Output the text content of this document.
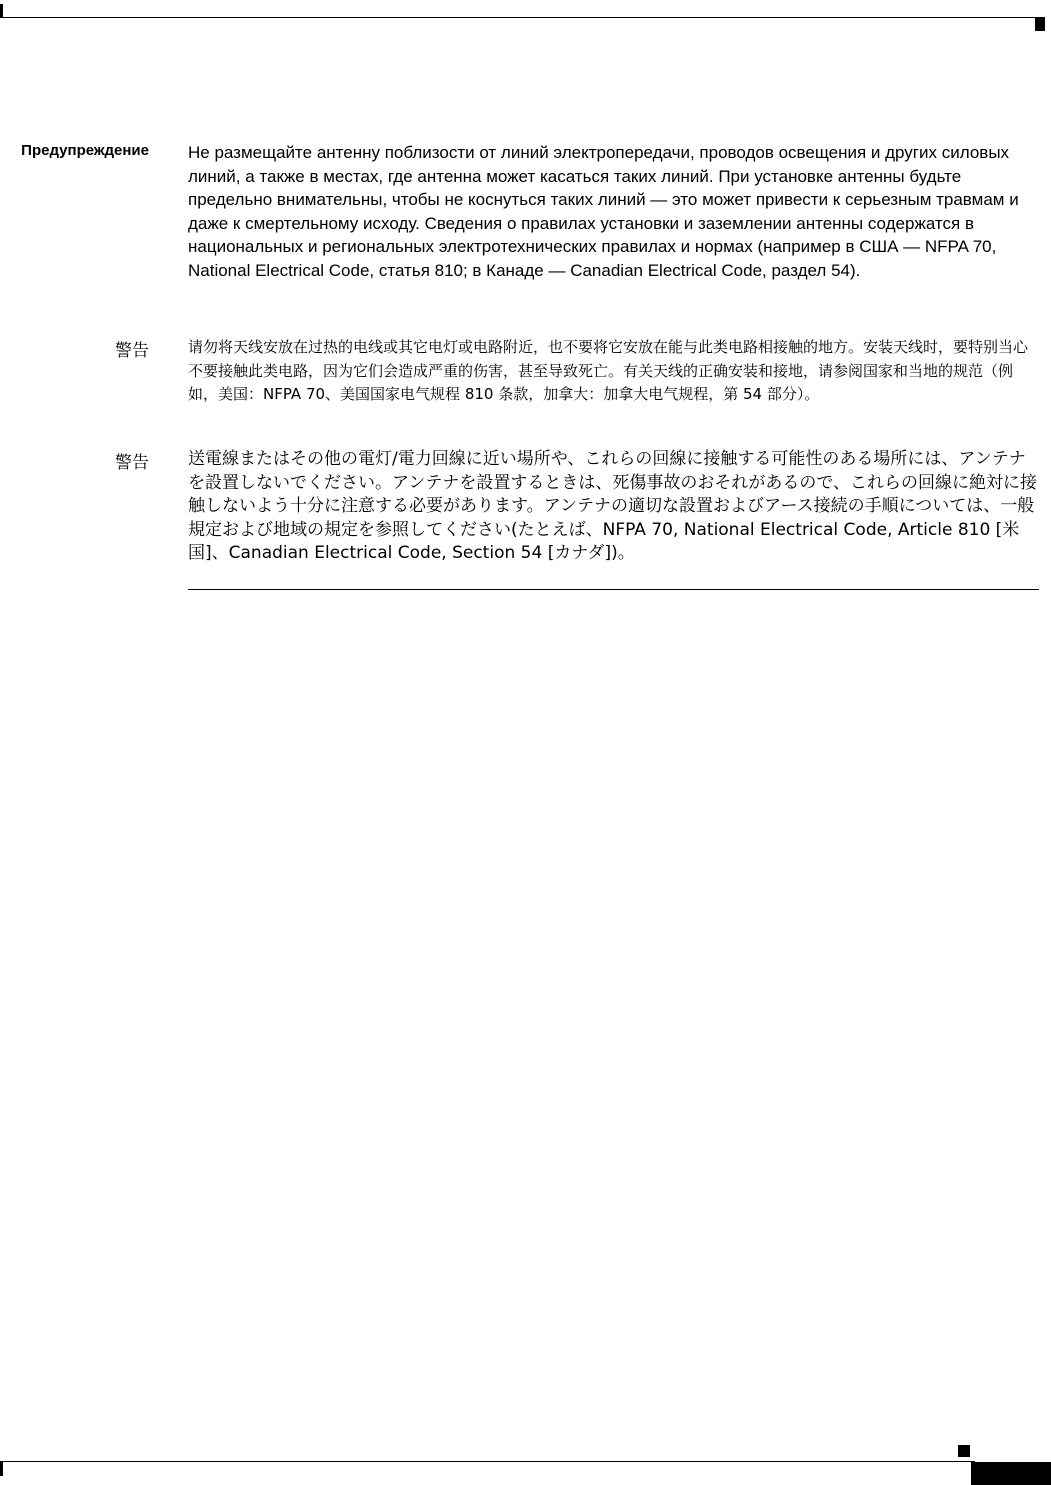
Предупреждение Не размещайте антенну поблизости от линий электропередачи, проводов освещения и других силовых линий, а также в местах, где антенна может касаться таких линий. При установке антенны будьте предельно внимательны, чтобы не коснуться таких линий — это может привести к серьезным травмам и даже к смертельному исходу. Сведения о правилах установки и заземлении антенны содержатся в национальных и региональных электротехнических правилах и нормах (например в США — NFPA 70, National Electrical Code, статья 810; в Канаде — Canadian Electrical Code, раздел 54).
警告	请勿将天线安放在过热的电线或其它电灯或电路附近，也不要将它安放在能与此类电路相接触的地方。安装天线时，要特别当心不要接触此类电路，因为它们会造成严重的伤害，甚至导致死亡。有关天线的正确安装和接地，请参阅国家和当地的规范（例如，美国：NFPA 70、美国国家电气规程 810 条款，加拿大：加拿大电气规程，第 54 部分）。
警告 送電線またはその他の電灯/電力回線に近い場所や、これらの回線に接触する可能性のある場所には、アンテナを設置しないでください。アンテナを設置するときは、死傷事故のおそれがあるので、これらの回線に絶対に接触しないよう十分に注意する必要があります。アンテナの適切な設置およびアース接続の手順については、一般規定および地域の規定を参照してください(たとえば、NFPA 70, National Electrical Code, Article 810 [米国]、Canadian Electrical Code, Section 54 [カナダ])。
